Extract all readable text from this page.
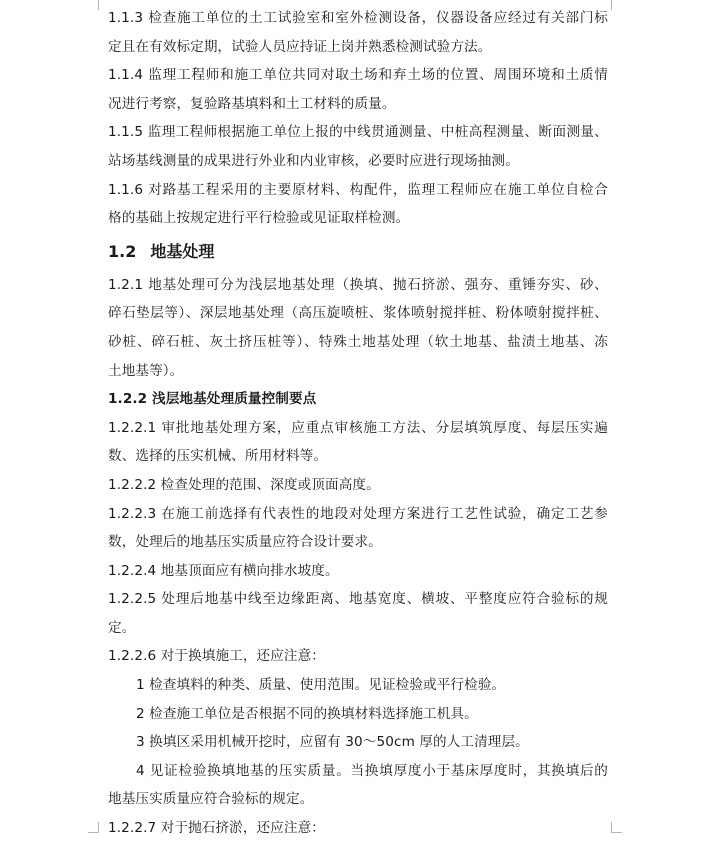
1.1.3 检查施工单位的土工试验室和室外检测设备，仪器设备应经过有关部门标
定且在有效标定期，试验人员应持证上岗并熟悉检测试验方法。
1.1.4 监理工程师和施工单位共同对取土场和弃土场的位置、周围环境和土质情
况进行考察，复验路基填料和土工材料的质量。
1.1.5 监理工程师根据施工单位上报的中线贯通测量、中桩高程测量、断面测量、
站场基线测量的成果进行外业和内业审核，必要时应进行现场抽测。
1.1.6 对路基工程采用的主要原材料、构配件，监理工程师应在施工单位自检合
格的基础上按规定进行平行检验或见证取样检测。
1.2 地基处理
1.2.1 地基处理可分为浅层地基处理（换填、抛石挤淤、强夯、重锤夯实、砂、
碎石垫层等）、深层地基处理（高压旋喷桩、浆体喷射搅拌桩、粉体喷射搅拌桩、
砂桩、碎石桩、灰土挤压桩等）、特殊土地基处理（软土地基、盐渍土地基、冻
土地基等）。
1.2.2 浅层地基处理质量控制要点
1.2.2.1 审批地基处理方案，应重点审核施工方法、分层填筑厚度、每层压实遍
数、选择的压实机械、所用材料等。
1.2.2.2 检查处理的范围、深度或顶面高度。
1.2.2.3 在施工前选择有代表性的地段对处理方案进行工艺性试验，确定工艺参
数，处理后的地基压实质量应符合设计要求。
1.2.2.4 地基顶面应有横向排水坡度。
1.2.2.5 处理后地基中线至边缘距离、地基宽度、横坡、平整度应符合验标的规
定。
1.2.2.6 对于换填施工，还应注意：
1 检查填料的种类、质量、使用范围。见证检验或平行检验。
2 检查施工单位是否根据不同的换填材料选择施工机具。
3 换填区采用机械开挖时，应留有 30～50cm 厚的人工清理层。
4 见证检验换填地基的压实质量。当换填厚度小于基床厚度时，其换填后的
地基压实质量应符合验标的规定。
1.2.2.7 对于抛石挤淤，还应注意：
